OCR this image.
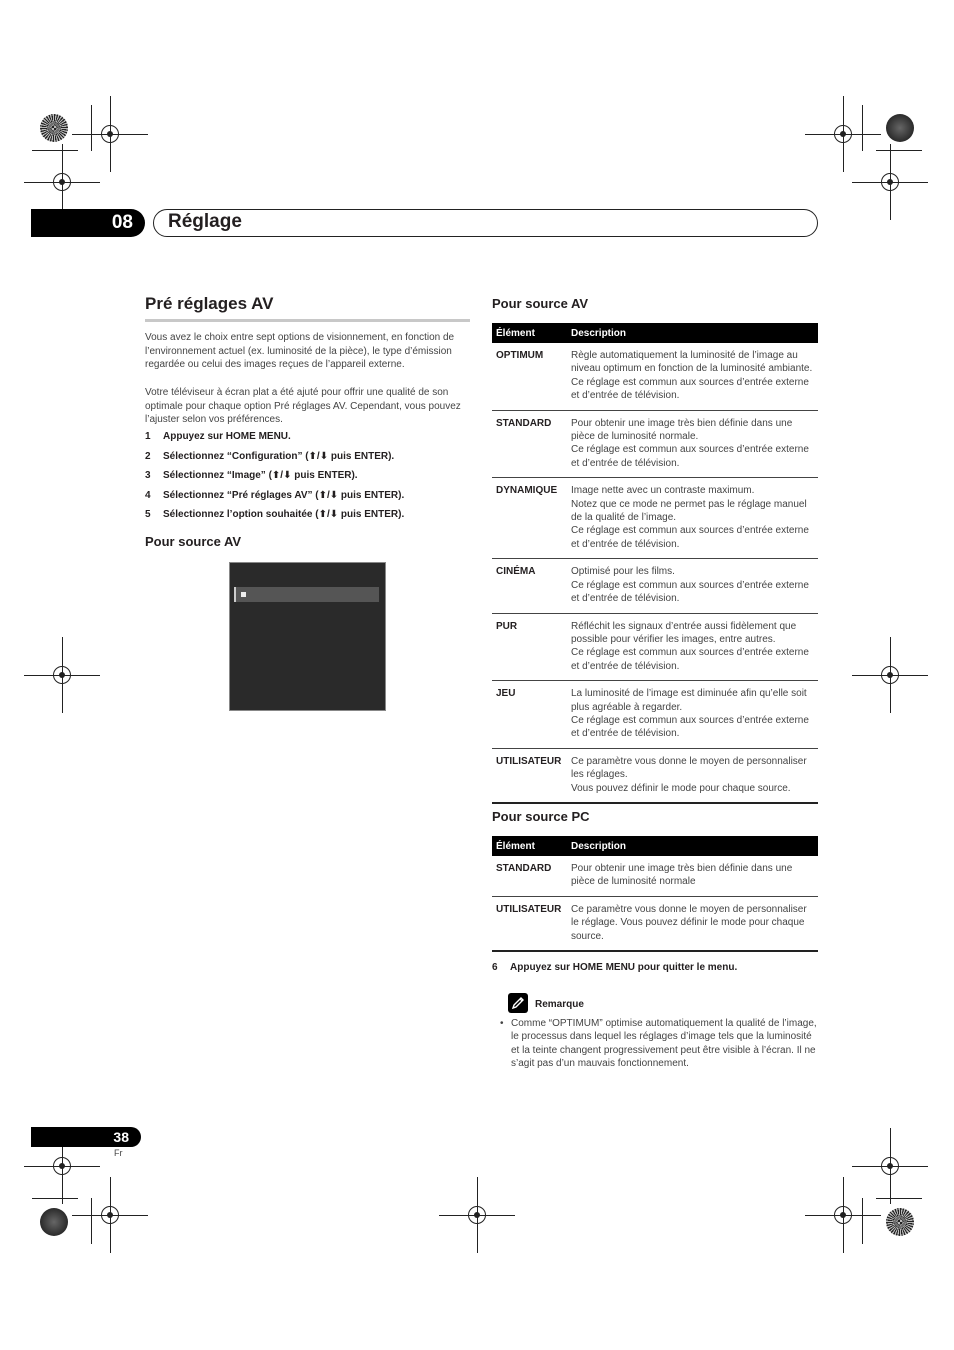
08 Réglage
Pré réglages AV
Vous avez le choix entre sept options de visionnement, en fonction de l’environnement actuel (ex. luminosité de la pièce), le type d’émission regardée ou celui des images reçues de l’appareil externe.
Votre téléviseur à écran plat a été ajuté pour offrir une qualité de son optimale pour chaque option Pré réglages AV. Cependant, vous pouvez l’ajuster selon vos préférences.
1	Appuyez sur HOME MENU.
2	Sélectionnez “Configuration” (⬆/⬇ puis ENTER).
3	Sélectionnez “Image” (⬆/⬇ puis ENTER).
4	Sélectionnez “Pré réglages AV” (⬆/⬇ puis ENTER).
5	Sélectionnez l’option souhaitée (⬆/⬇ puis ENTER).
Pour source AV
Pour source AV
Élément	Description
OPTIMUM	Règle automatiquement la luminosité de l’image au niveau optimum en fonction de la luminosité ambiante.
Ce réglage est commun aux sources d’entrée externe et d’entrée de télévision.
STANDARD	Pour obtenir une image très bien définie dans une pièce de luminosité normale.
Ce réglage est commun aux sources d’entrée externe et d’entrée de télévision.
DYNAMIQUE	Image nette avec un contraste maximum.
Notez que ce mode ne permet pas le réglage manuel de la qualité de l’image.
Ce réglage est commun aux sources d’entrée externe et d’entrée de télévision.
CINÉMA	Optimisé pour les films.
Ce réglage est commun aux sources d’entrée externe et d’entrée de télévision.
PUR	Réfléchit les signaux d’entrée aussi fidèlement que possible pour vérifier les images, entre autres.
Ce réglage est commun aux sources d’entrée externe et d’entrée de télévision.
JEU	La luminosité de l’image est diminuée afin qu’elle soit plus agréable à regarder.
Ce réglage est commun aux sources d’entrée externe et d’entrée de télévision.
UTILISATEUR	Ce paramètre vous donne le moyen de personnaliser les réglages.
Vous pouvez définir le mode pour chaque source.
Pour source PC
Élément	Description
STANDARD	Pour obtenir une image très bien définie dans une pièce de luminosité normale
UTILISATEUR	Ce paramètre vous donne le moyen de personnaliser le réglage. Vous pouvez définir le mode pour chaque source.
6	Appuyez sur HOME MENU pour quitter le menu.
Remarque
• Comme “OPTIMUM” optimise automatiquement la qualité de l’image, le processus dans lequel les réglages d’image tels que la luminosité et la teinte changent progressivement peut être visible à l’écran. Il ne s’agit pas d’un mauvais fonctionnement.
38
Fr
